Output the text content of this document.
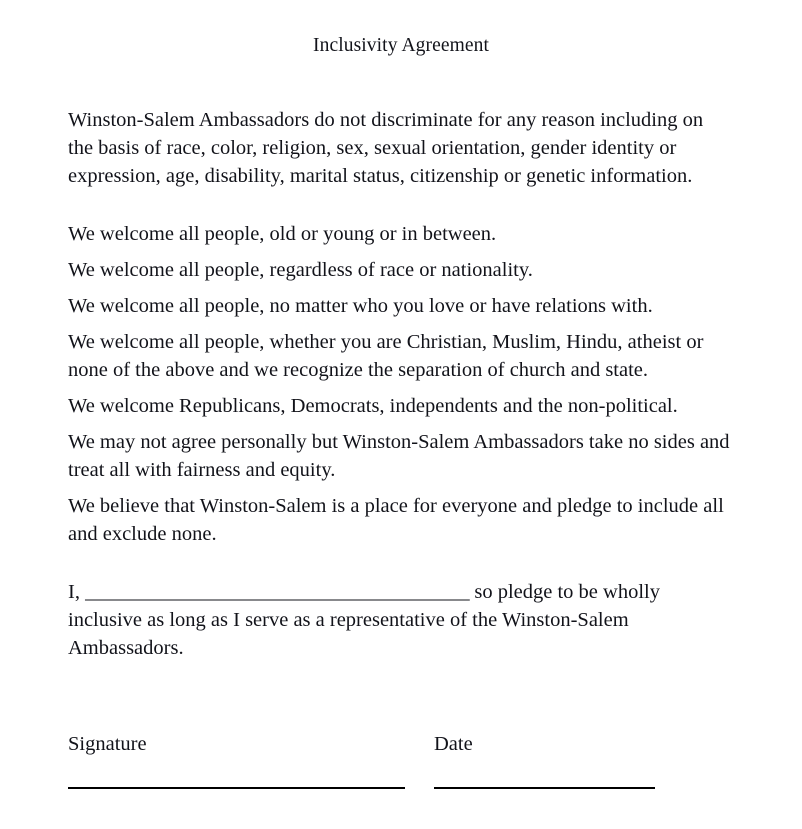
Inclusivity Agreement

Winston-Salem Ambassadors do not discriminate for any reason including on the basis of race, color, religion, sex, sexual orientation, gender identity or expression, age, disability, marital status, citizenship or genetic information.

We welcome all people, old or young or in between.

We welcome all people, regardless of race or nationality.

We welcome all people, no matter who you love or have relations with.

We welcome all people, whether you are Christian, Muslim, Hindu, atheist or none of the above and we recognize the separation of church and state.

We welcome Republicans, Democrats, independents and the non-political.

We may not agree personally but Winston-Salem Ambassadors take no sides and treat all with fairness and equity.

We believe that Winston-Salem is a place for everyone and pledge to include all and exclude none.

I, _______________________________________ so pledge to be wholly inclusive as long as I serve as a representative of the Winston-Salem Ambassadors.

Signature	Date
